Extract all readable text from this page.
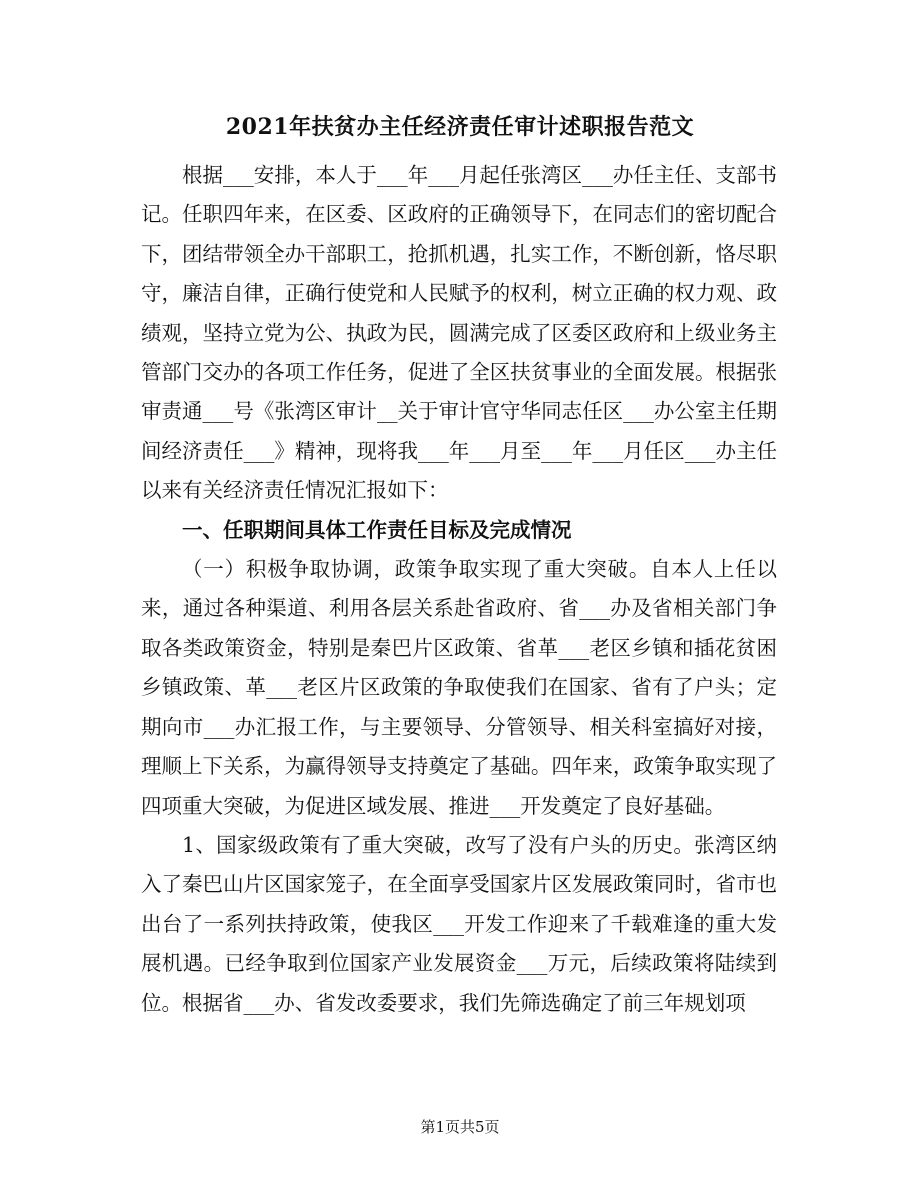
2021年扶贫办主任经济责任审计述职报告范文

根据___安排，本人于___年___月起任张湾区___办任主任、支部书记。任职四年来，在区委、区政府的正确领导下，在同志们的密切配合下，团结带领全办干部职工，抢抓机遇，扎实工作，不断创新，恪尽职守，廉洁自律，正确行使党和人民赋予的权利，树立正确的权力观、政绩观，坚持立党为公、执政为民，圆满完成了区委区政府和上级业务主管部门交办的各项工作任务，促进了全区扶贫事业的全面发展。根据张审责通___号《张湾区审计__关于审计官守华同志任区___办公室主任期间经济责任___》精神，现将我___年___月至___年___月任区___办主任以来有关经济责任情况汇报如下：

一、任职期间具体工作责任目标及完成情况

（一）积极争取协调，政策争取实现了重大突破。自本人上任以来，通过各种渠道、利用各层关系赴省政府、省___办及省相关部门争取各类政策资金，特别是秦巴片区政策、省革___老区乡镇和插花贫困乡镇政策、革___老区片区政策的争取使我们在国家、省有了户头；定期向市___办汇报工作，与主要领导、分管领导、相关科室搞好对接，理顺上下关系，为赢得领导支持奠定了基础。四年来，政策争取实现了四项重大突破，为促进区域发展、推进___开发奠定了良好基础。

1、国家级政策有了重大突破，改写了没有户头的历史。张湾区纳入了秦巴山片区国家笼子，在全面享受国家片区发展政策同时，省市也出台了一系列扶持政策，使我区___开发工作迎来了千载难逢的重大发展机遇。已经争取到位国家产业发展资金___万元，后续政策将陆续到位。根据省___办、省发改委要求，我们先筛选确定了前三年规划项

第1页共5页
